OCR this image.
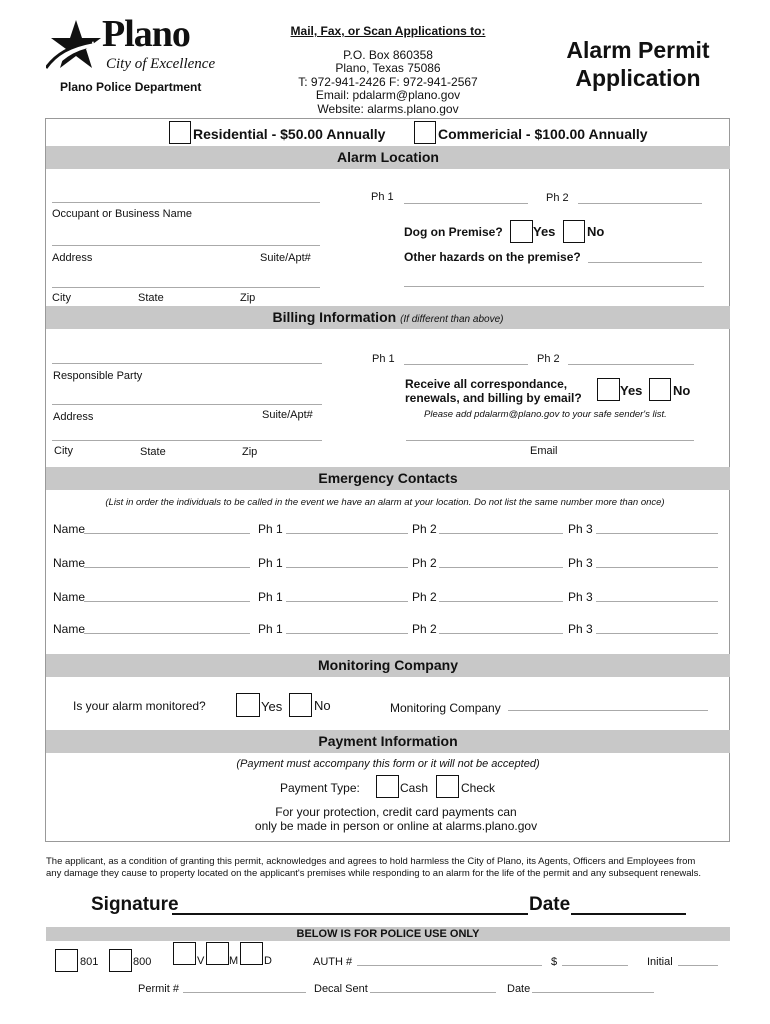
Plano
City of Excellence
Plano Police Department
Mail, Fax, or Scan Applications to:
P.O. Box 860358
Plano, Texas 75086
T: 972-941-2426 F: 972-941-2567
Email: pdalarm@plano.gov
Website: alarms.plano.gov
Alarm Permit
Application
Residential - $50.00 Annually	Commericial - $100.00 Annually
Alarm Location
Occupant or Business Name
Ph 1	Ph 2
Dog on Premise? Yes No
Address	Suite/Apt#	Other hazards on the premise?
City	State	Zip
Billing Information (If different than above)
Responsible Party
Ph 1	Ph 2
Receive all correspondance,
renewals, and billing by email?	Yes No
Address	Suite/Apt#	Please add pdalarm@plano.gov to your safe sender's list.
City	State	Zip	Email
Emergency Contacts
(List in order the individuals to be called in the event we have an alarm at your location. Do not list the same number more than once)
Name	Ph 1	Ph 2	Ph 3
Name	Ph 1	Ph 2	Ph 3
Name	Ph 1	Ph 2	Ph 3
Name	Ph 1	Ph 2	Ph 3
Monitoring Company
Is your alarm monitored?	Yes No	Monitoring Company
Payment Information
(Payment must accompany this form or it will not be accepted)
Payment Type:	Cash	Check
For your protection, credit card payments can
only be made in person or online at alarms.plano.gov
The applicant, as a condition of granting this permit, acknowledges and agrees to hold harmless the City of Plano, its Agents, Officers and Employees from
any damage they cause to property located on the applicant's premises while responding to an alarm for the life of the permit and any subsequent renewals.
Signature	Date
BELOW IS FOR POLICE USE ONLY
801	800	V M D	AUTH #	$	Initial
Permit #	Decal Sent	Date
